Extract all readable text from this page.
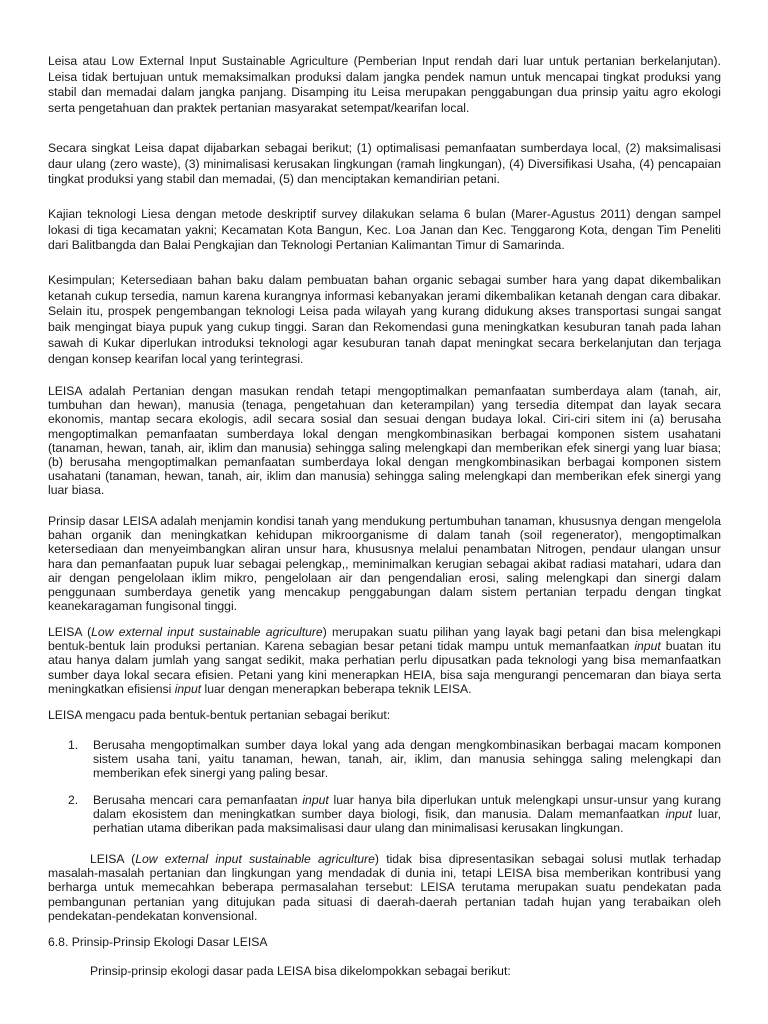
Leisa atau Low External Input Sustainable Agriculture (Pemberian Input rendah dari luar untuk pertanian berkelanjutan). Leisa tidak bertujuan untuk memaksimalkan produksi dalam jangka pendek namun untuk mencapai tingkat produksi yang stabil dan memadai dalam jangka panjang. Disamping itu Leisa merupakan penggabungan dua prinsip yaitu agro ekologi serta pengetahuan dan praktek pertanian masyarakat setempat/kearifan local.

Secara singkat Leisa dapat dijabarkan sebagai berikut; (1) optimalisasi pemanfaatan sumberdaya local, (2) maksimalisasi daur ulang (zero waste), (3) minimalisasi kerusakan lingkungan (ramah lingkungan), (4) Diversifikasi Usaha, (4) pencapaian tingkat produksi yang stabil dan memadai, (5) dan menciptakan kemandirian petani.

Kajian teknologi Liesa dengan metode deskriptif survey dilakukan selama 6 bulan (Marer-Agustus 2011) dengan sampel lokasi di tiga kecamatan yakni; Kecamatan Kota Bangun, Kec. Loa Janan dan Kec. Tenggarong Kota, dengan Tim Peneliti dari Balitbangda dan Balai Pengkajian dan Teknologi Pertanian Kalimantan Timur di Samarinda.

Kesimpulan; Ketersediaan bahan baku dalam pembuatan bahan organic sebagai sumber hara yang dapat dikembalikan ketanah cukup tersedia, namun karena kurangnya informasi kebanyakan jerami dikembalikan ketanah dengan cara dibakar. Selain itu, prospek pengembangan teknologi Leisa pada wilayah yang kurang didukung akses transportasi sungai sangat baik mengingat biaya pupuk yang cukup tinggi. Saran dan Rekomendasi guna meningkatkan kesuburan tanah pada lahan sawah di Kukar diperlukan introduksi teknologi agar kesuburan tanah dapat meningkat secara berkelanjutan dan terjaga dengan konsep kearifan local yang terintegrasi.

LEISA adalah Pertanian dengan masukan rendah tetapi mengoptimalkan pemanfaatan sumberdaya alam (tanah, air, tumbuhan dan hewan), manusia (tenaga, pengetahuan dan keterampilan) yang tersedia ditempat dan layak secara ekonomis, mantap secara ekologis, adil secara sosial dan sesuai dengan budaya lokal. Ciri-ciri sitem ini (a) berusaha mengoptimalkan pemanfaatan sumberdaya lokal dengan mengkombinasikan berbagai komponen sistem usahatani (tanaman, hewan, tanah, air, iklim dan manusia) sehingga saling melengkapi dan memberikan efek sinergi yang luar biasa;(b) berusaha mengoptimalkan pemanfaatan sumberdaya lokal dengan mengkombinasikan berbagai komponen sistem usahatani (tanaman, hewan, tanah, air, iklim dan manusia) sehingga saling melengkapi dan memberikan efek sinergi yang luar biasa.

Prinsip dasar LEISA adalah menjamin kondisi tanah yang mendukung pertumbuhan tanaman, khususnya dengan mengelola bahan organik dan meningkatkan kehidupan mikroorganisme di dalam tanah (soil regenerator), mengoptimalkan ketersediaan dan menyeimbangkan aliran unsur hara, khususnya melalui penambatan Nitrogen, pendaur ulangan unsur hara dan pemanfaatan pupuk luar sebagai pelengkap,, meminimalkan kerugian sebagai akibat radiasi matahari, udara dan air dengan pengelolaan iklim mikro, pengelolaan air dan pengendalian erosi, saling melengkapi dan sinergi dalam penggunaan sumberdaya genetik yang mencakup penggabungan dalam sistem pertanian terpadu dengan tingkat keanekaragaman fungisonal tinggi.

LEISA (Low external input sustainable agriculture) merupakan suatu pilihan yang layak bagi petani dan bisa melengkapi bentuk-bentuk lain produksi pertanian. Karena sebagian besar petani tidak mampu untuk memanfaatkan input buatan itu atau hanya dalam jumlah yang sangat sedikit, maka perhatian perlu dipusatkan pada teknologi yang bisa memanfaatkan sumber daya lokal secara efisien. Petani yang kini menerapkan HEIA, bisa saja mengurangi pencemaran dan biaya serta meningkatkan efisiensi input luar dengan menerapkan beberapa teknik LEISA.

LEISA mengacu pada bentuk-bentuk pertanian sebagai berikut:

1.	Berusaha mengoptimalkan sumber daya lokal yang ada dengan mengkombinasikan berbagai macam komponen sistem usaha tani, yaitu tanaman, hewan, tanah, air, iklim, dan manusia sehingga saling melengkapi dan memberikan efek sinergi yang paling besar.
2.	Berusaha mencari cara pemanfaatan input luar hanya bila diperlukan untuk melengkapi unsur-unsur yang kurang dalam ekosistem dan meningkatkan sumber daya biologi, fisik, dan manusia. Dalam memanfaatkan input luar, perhatian utama diberikan pada maksimalisasi daur ulang dan minimalisasi kerusakan lingkungan.

LEISA (Low external input sustainable agriculture) tidak bisa dipresentasikan sebagai solusi mutlak terhadap masalah-masalah pertanian dan lingkungan yang mendadak di dunia ini, tetapi LEISA bisa memberikan kontribusi yang berharga untuk memecahkan beberapa permasalahan tersebut: LEISA terutama merupakan suatu pendekatan pada pembangunan pertanian yang ditujukan pada situasi di daerah-daerah pertanian tadah hujan yang terabaikan oleh pendekatan-pendekatan konvensional.

6.8. Prinsip-Prinsip Ekologi Dasar LEISA

Prinsip-prinsip ekologi dasar pada LEISA bisa dikelompokkan sebagai berikut:
